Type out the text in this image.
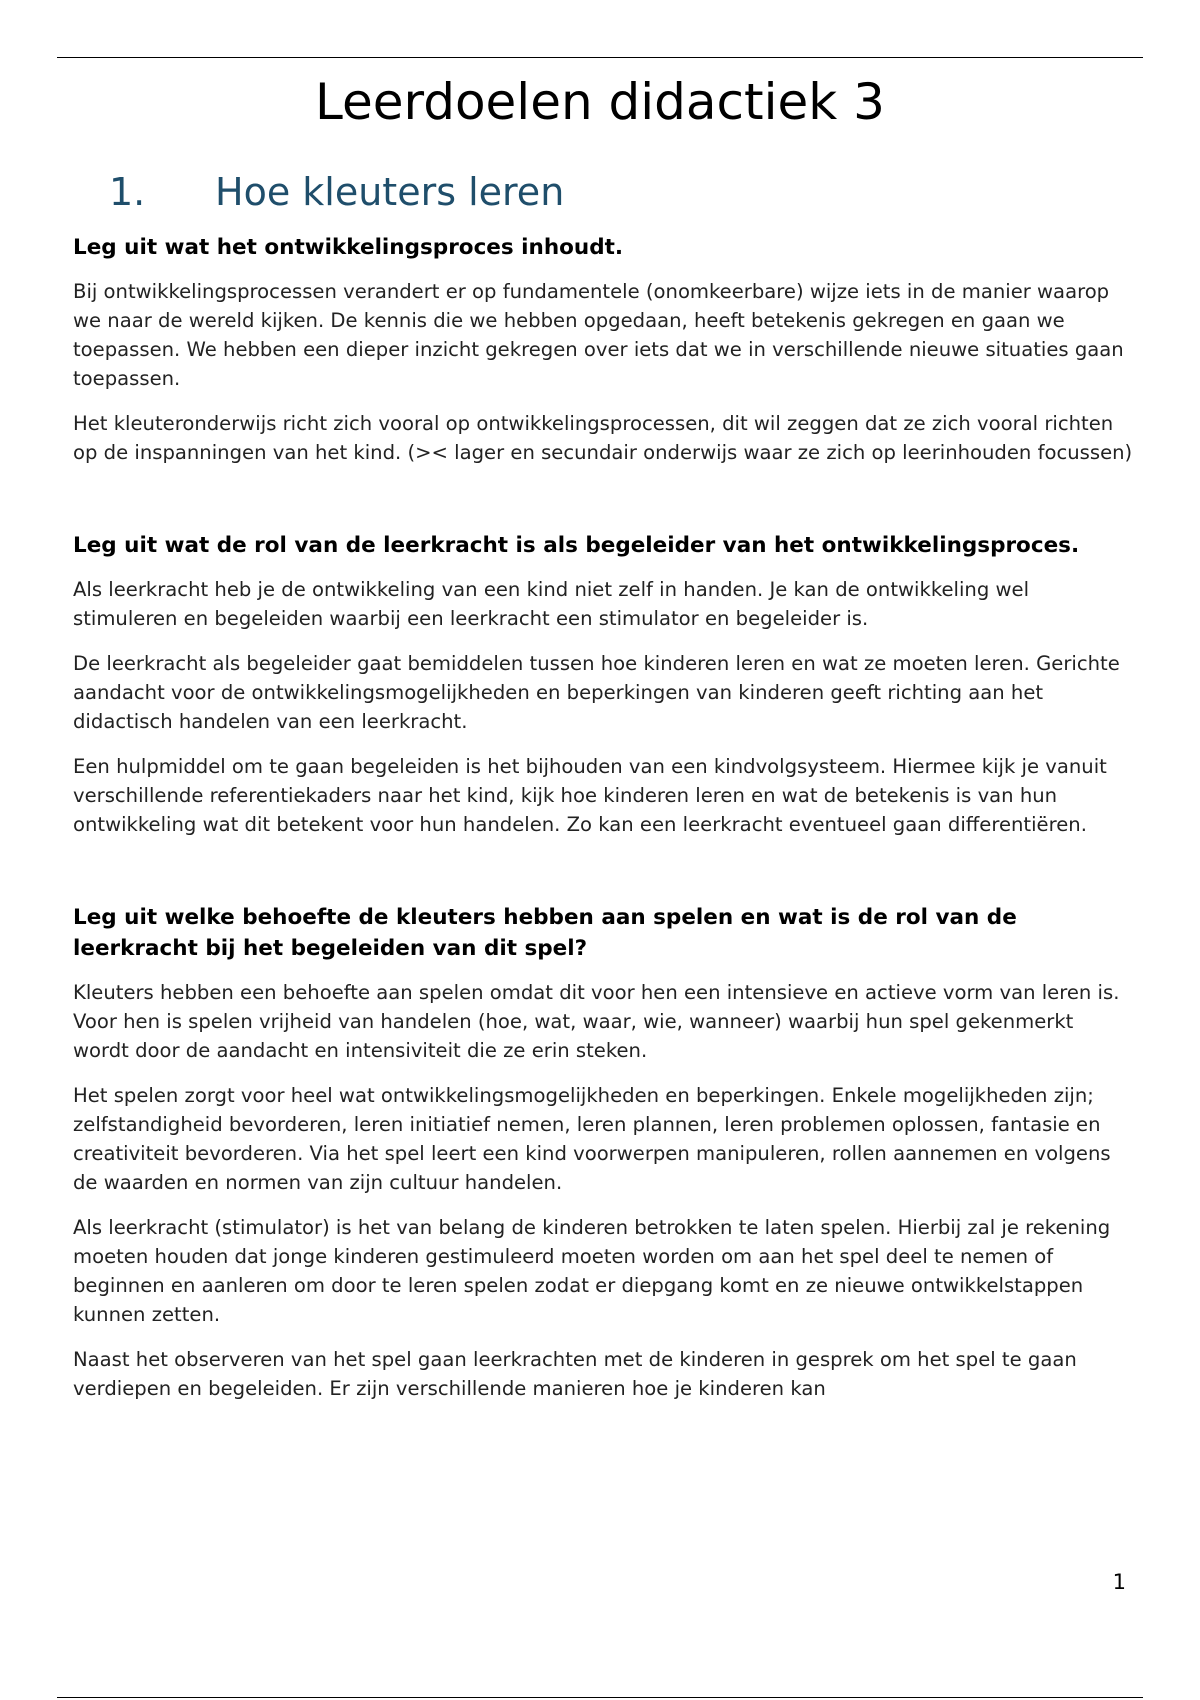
Leerdoelen didactiek 3
1. Hoe kleuters leren

Leg uit wat het ontwikkelingsproces inhoudt.

Bij ontwikkelingsprocessen verandert er op fundamentele (onomkeerbare) wijze iets in de manier waarop we naar de wereld kijken. De kennis die we hebben opgedaan, heeft betekenis gekregen en gaan we toepassen. We hebben een dieper inzicht gekregen over iets dat we in verschillende nieuwe situaties gaan toepassen.

Het kleuteronderwijs richt zich vooral op ontwikkelingsprocessen, dit wil zeggen dat ze zich vooral richten op de inspanningen van het kind. (>< lager en secundair onderwijs waar ze zich op leerinhouden focussen)

Leg uit wat de rol van de leerkracht is als begeleider van het ontwikkelingsproces.

Als leerkracht heb je de ontwikkeling van een kind niet zelf in handen. Je kan de ontwikkeling wel stimuleren en begeleiden waarbij een leerkracht een stimulator en begeleider is.

De leerkracht als begeleider gaat bemiddelen tussen hoe kinderen leren en wat ze moeten leren. Gerichte aandacht voor de ontwikkelingsmogelijkheden en beperkingen van kinderen geeft richting aan het didactisch handelen van een leerkracht.

Een hulpmiddel om te gaan begeleiden is het bijhouden van een kindvolgsysteem. Hiermee kijk je vanuit verschillende referentiekaders naar het kind, kijk hoe kinderen leren en wat de betekenis is van hun ontwikkeling wat dit betekent voor hun handelen. Zo kan een leerkracht eventueel gaan differentiëren.

Leg uit welke behoefte de kleuters hebben aan spelen en wat is de rol van de leerkracht bij het begeleiden van dit spel?

Kleuters hebben een behoefte aan spelen omdat dit voor hen een intensieve en actieve vorm van leren is. Voor hen is spelen vrijheid van handelen (hoe, wat, waar, wie, wanneer) waarbij hun spel gekenmerkt wordt door de aandacht en intensiviteit die ze erin steken.

Het spelen zorgt voor heel wat ontwikkelingsmogelijkheden en beperkingen. Enkele mogelijkheden zijn; zelfstandigheid bevorderen, leren initiatief nemen, leren plannen, leren problemen oplossen, fantasie en creativiteit bevorderen. Via het spel leert een kind voorwerpen manipuleren, rollen aannemen en volgens de waarden en normen van zijn cultuur handelen.

Als leerkracht (stimulator) is het van belang de kinderen betrokken te laten spelen. Hierbij zal je rekening moeten houden dat jonge kinderen gestimuleerd moeten worden om aan het spel deel te nemen of beginnen en aanleren om door te leren spelen zodat er diepgang komt en ze nieuwe ontwikkelstappen kunnen zetten.

Naast het observeren van het spel gaan leerkrachten met de kinderen in gesprek om het spel te gaan verdiepen en begeleiden. Er zijn verschillende manieren hoe je kinderen kan

1
